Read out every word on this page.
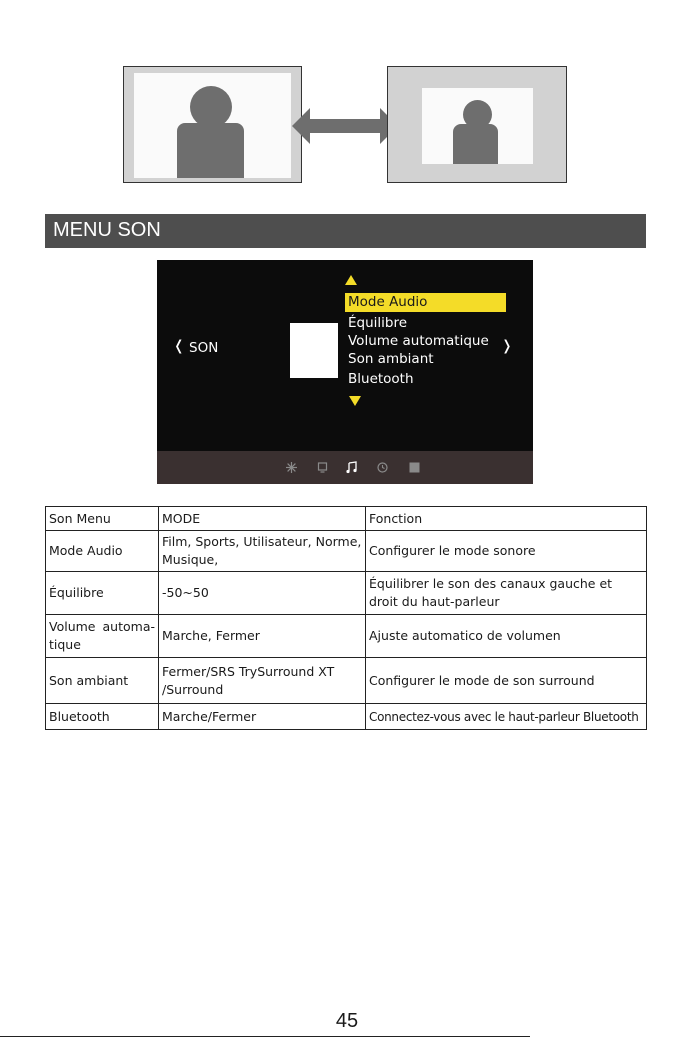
MENU SON
❬ SON
Mode Audio
Équilibre
Volume automatique
Son ambiant
Bluetooth
❭
Son Menu	MODE	Fonction
Mode Audio	Film, Sports, Utilisateur, Norme, Musique,	Configurer le mode sonore
Équilibre	-50~50	Équilibrer le son des canaux gauche et droit du haut-parleur
Volume automa-tique	Marche, Fermer	Ajuste automatico de volumen
Son ambiant	Fermer/SRS TrySurround XT /Surround	Configurer le mode de son surround
Bluetooth	Marche/Fermer	Connectez-vous avec le haut-parleur Bluetooth
45
